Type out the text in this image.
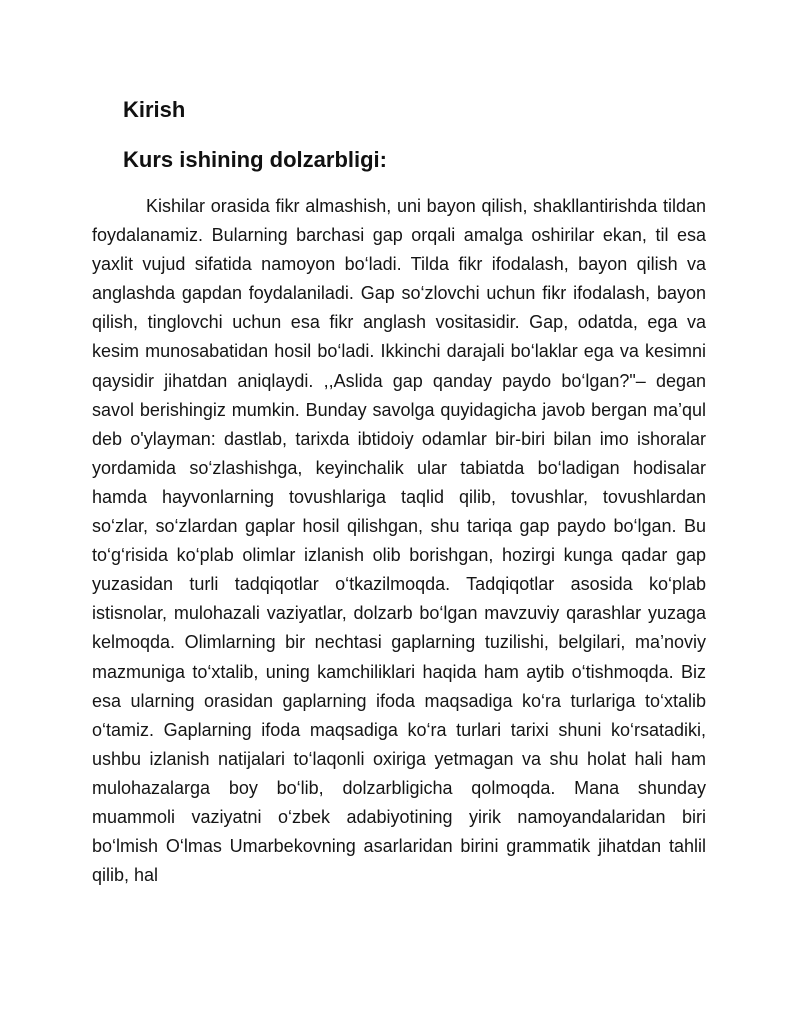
Kirish
Kurs ishining dolzarbligi:

Kishilar orasida fikr almashish, uni bayon qilish, shakllantirishda tildan foydalanamiz. Bularning barchasi gap orqali amalga oshirilar ekan, til esa yaxlit vujud sifatida namoyon bo‘ladi. Tilda fikr ifodalash, bayon qilish va anglashda gapdan foydalaniladi. Gap so‘zlovchi uchun fikr ifodalash, bayon qilish, tinglovchi uchun esa fikr anglash vositasidir. Gap, odatda, ega va kesim munosabatidan hosil bo‘ladi. Ikkinchi darajali bo‘laklar ega va kesimni qaysidir jihatdan aniqlaydi. ,,Aslida gap qanday paydo bo‘lgan?"– degan savol berishingiz mumkin. Bunday savolga quyidagicha javob bergan ma’qul deb o'ylayman: dastlab, tarixda ibtidoiy odamlar bir-biri bilan imo ishoralar yordamida so‘zlashishga, keyinchalik ular tabiatda bo‘ladigan hodisalar hamda hayvonlarning tovushlariga taqlid qilib, tovushlar, tovushlardan so‘zlar, so‘zlardan gaplar hosil qilishgan, shu tariqa gap paydo bo‘lgan. Bu to‘g‘risida ko‘plab olimlar izlanish olib borishgan, hozirgi kunga qadar gap yuzasidan turli tadqiqotlar o‘tkazilmoqda. Tadqiqotlar asosida ko‘plab istisnolar, mulohazali vaziyatlar, dolzarb bo‘lgan mavzuviy qarashlar yuzaga kelmoqda. Olimlarning bir nechtasi gaplarning tuzilishi, belgilari, ma’noviy mazmuniga to‘xtalib, uning kamchiliklari haqida ham aytib o‘tishmoqda. Biz esa ularning orasidan gaplarning ifoda maqsadiga ko‘ra turlariga to‘xtalib o‘tamiz. Gaplarning ifoda maqsadiga ko‘ra turlari tarixi shuni ko‘rsatadiki, ushbu izlanish natijalari to‘laqonli oxiriga yetmagan va shu holat hali ham mulohazalarga boy bo‘lib, dolzarbligicha qolmoqda. Mana shunday muammoli vaziyatni o‘zbek adabiyotining yirik namoyandalaridan biri bo‘lmish O‘lmas Umarbekovning asarlaridan birini grammatik jihatdan tahlil qilib, hal
